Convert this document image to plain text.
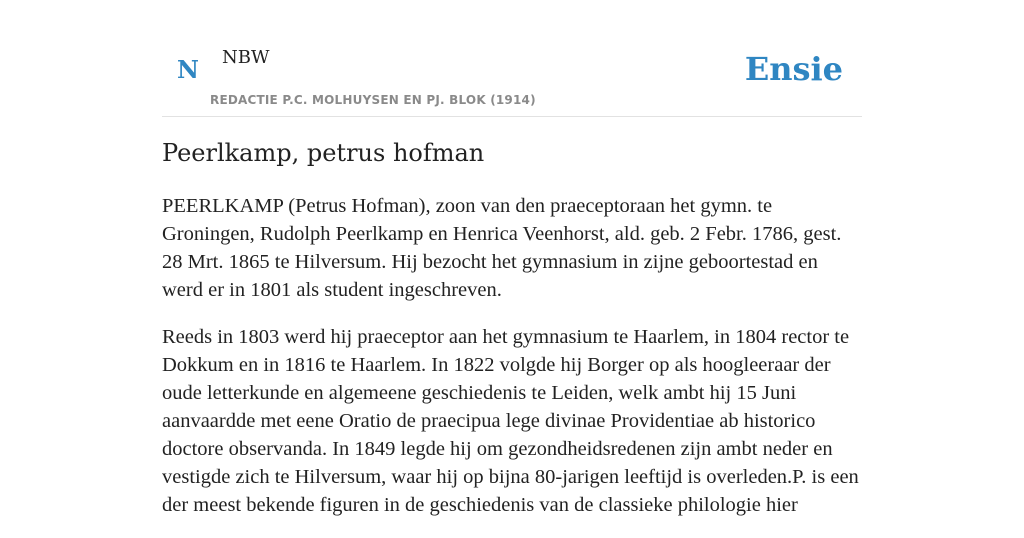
N NBW
REDACTIE P.C. MOLHUYSEN EN PJ. BLOK (1914)
Ensie
Peerlkamp, petrus hofman

PEERLKAMP (Petrus Hofman), zoon van den praeceptoraan het gymn. te Groningen, Rudolph Peerlkamp en Henrica Veenhorst, ald. geb. 2 Febr. 1786, gest. 28 Mrt. 1865 te Hilversum. Hij bezocht het gymnasium in zijne geboortestad en werd er in 1801 als student ingeschreven.

Reeds in 1803 werd hij praeceptor aan het gymnasium te Haarlem, in 1804 rector te Dokkum en in 1816 te Haarlem. In 1822 volgde hij Borger op als hoogleeraar der oude letterkunde en algemeene geschiedenis te Leiden, welk ambt hij 15 Juni aanvaardde met eene Oratio de praecipua lege divinae Providentiae ab historico doctore observanda. In 1849 legde hij om gezondheidsredenen zijn ambt neder en vestigde zich te Hilversum, waar hij op bijna 80-jarigen leeftijd is overleden.P. is een der meest bekende figuren in de geschiedenis van de classieke philologie hier
